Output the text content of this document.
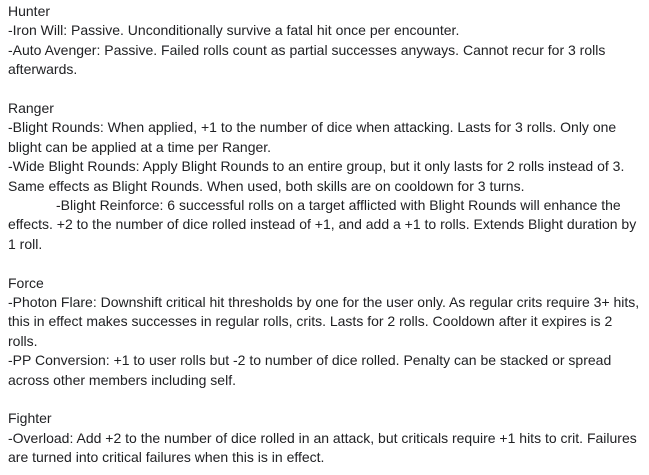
Hunter

-Iron Will: Passive. Unconditionally survive a fatal hit once per encounter.

-Auto Avenger: Passive. Failed rolls count as partial successes anyways. Cannot recur for 3 rolls afterwards.

Ranger

-Blight Rounds: When applied, +1 to the number of dice when attacking. Lasts for 3 rolls. Only one blight can be applied at a time per Ranger.

-Wide Blight Rounds: Apply Blight Rounds to an entire group, but it only lasts for 2 rolls instead of 3. Same effects as Blight Rounds. When used, both skills are on cooldown for 3 turns.

-Blight Reinforce: 6 successful rolls on a target afflicted with Blight Rounds will enhance the effects. +2 to the number of dice rolled instead of +1, and add a +1 to rolls. Extends Blight duration by 1 roll.

Force

-Photon Flare: Downshift critical hit thresholds by one for the user only. As regular crits require 3+ hits, this in effect makes successes in regular rolls, crits. Lasts for 2 rolls. Cooldown after it expires is 2 rolls.

-PP Conversion: +1 to user rolls but -2 to number of dice rolled. Penalty can be stacked or spread across other members including self.

Fighter

-Overload: Add +2 to the number of dice rolled in an attack, but criticals require +1 hits to crit. Failures are turned into critical failures when this is in effect.
